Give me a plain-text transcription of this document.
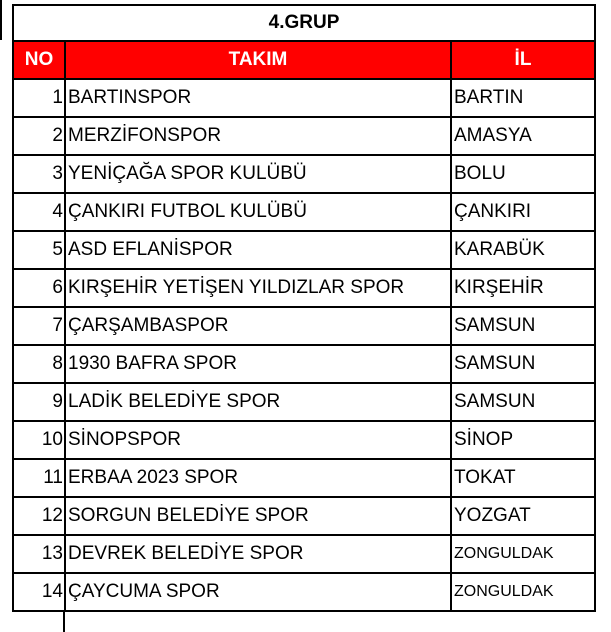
4.GRUP		
NO	TAKIM	İL
1	BARTINSPOR	BARTIN
2	MERZİFONSPOR	AMASYA
3	YENİÇAĞA SPOR KULÜBÜ	BOLU
4	ÇANKIRI FUTBOL KULÜBÜ	ÇANKIRI
5	ASD EFLANİSPOR	KARABÜK
6	KIRŞEHİR YETİŞEN YILDIZLAR SPOR	KIRŞEHİR
7	ÇARŞAMBASPOR	SAMSUN
8	1930 BAFRA SPOR	SAMSUN
9	LADİK BELEDİYE SPOR	SAMSUN
10	SİNOPSPOR	SİNOP
11	ERBAA 2023 SPOR	TOKAT
12	SORGUN BELEDİYE SPOR	YOZGAT
13	DEVREK BELEDİYE SPOR	ZONGULDAK
14	ÇAYCUMA SPOR	ZONGULDAK
